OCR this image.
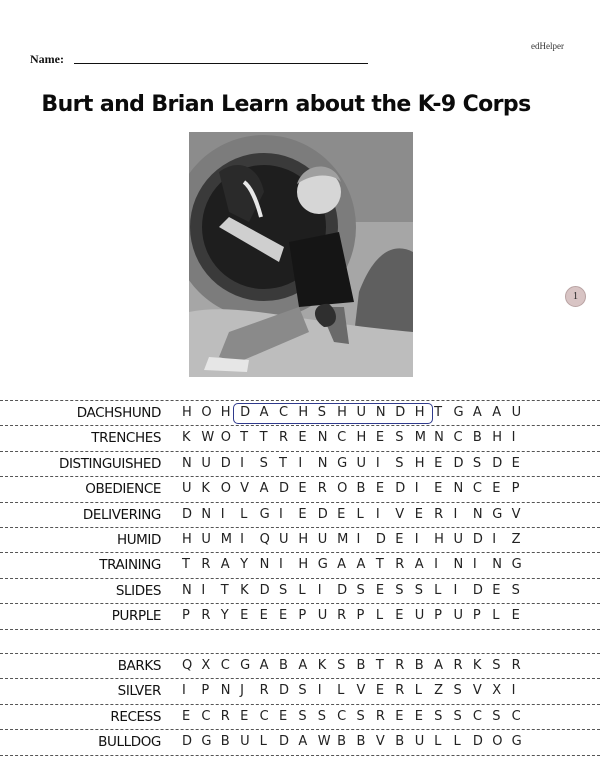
edHelper
Name:
Burt and Brian Learn about the K-9 Corps
1
DACHSHUND H O H D A C H S H U N D H T G A A U
TRENCHES K W O T T R E N C H E S M N C B H I
DISTINGUISHED N U D I S T I N G U I S H E D S D E
OBEDIENCE U K O V A D E R O B E D I E N C E P
DELIVERING D N I L G I E D E L I V E R I N G V
HUMID H U M I Q U H U M I D E I H U D I Z
TRAINING T R A Y N I H G A A T R A I N I N G
SLIDES N I T K D S L I D S E S S L I D E S
PURPLE P R Y E E E P U R P L E U P U P L E
BARKS Q X C G A B A K S B T R B A R K S R
SILVER I P N J R D S I L V E R L Z S V X I
RECESS E C R E C E S S C S R E E S S C S C
BULLDOG D G B U L D A W B B V B U L L D O G
